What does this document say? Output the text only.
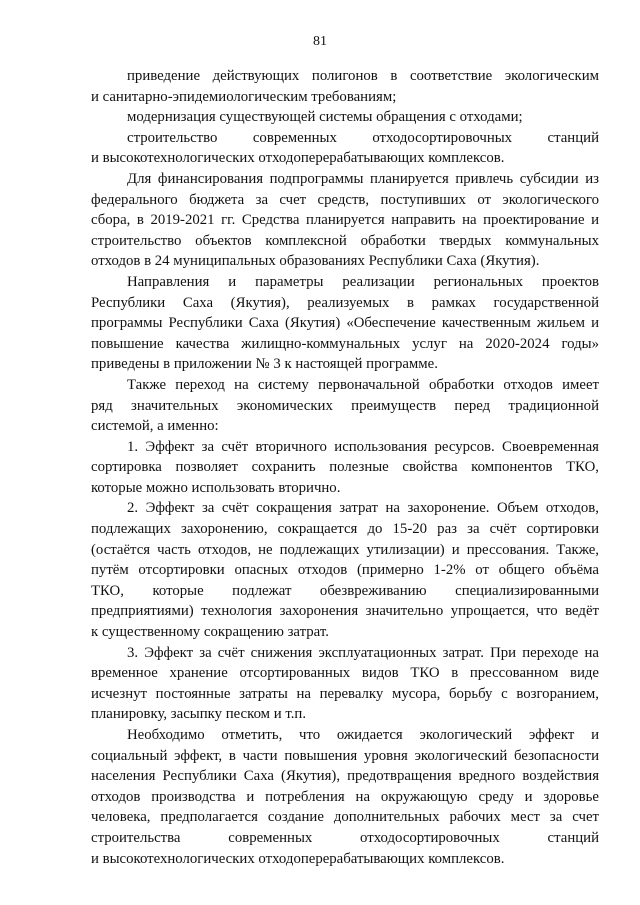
81
приведение действующих полигонов в соответствие экологическим
и санитарно-эпидемиологическим требованиям;
модернизация существующей системы обращения с отходами;
строительство современных отходосортировочных станций
и высокотехнологических отходоперерабатывающих комплексов.
Для финансирования подпрограммы планируется привлечь субсидии из
федерального бюджета за счет средств, поступивших от экологического
сбора, в 2019-2021 гг. Средства планируется направить на проектирование и
строительство объектов комплексной обработки твердых коммунальных
отходов в 24 муниципальных образованиях Республики Саха (Якутия).
Направления и параметры реализации региональных проектов
Республики Саха (Якутия), реализуемых в рамках государственной
программы Республики Саха (Якутия) «Обеспечение качественным жильем и
повышение качества жилищно-коммунальных услуг на 2020-2024 годы»
приведены в приложении № 3 к настоящей программе.
Также переход на систему первоначальной обработки отходов имеет
ряд значительных экономических преимуществ перед традиционной
системой, а именно:
1. Эффект за счёт вторичного использования ресурсов. Своевременная
сортировка позволяет сохранить полезные свойства компонентов ТКО,
которые можно использовать вторично.
2. Эффект за счёт сокращения затрат на захоронение. Объем отходов,
подлежащих захоронению, сокращается до 15-20 раз за счёт сортировки
(остаётся часть отходов, не подлежащих утилизации) и прессования. Также,
путём отсортировки опасных отходов (примерно 1-2% от общего объёма
ТКО, которые подлежат обезвреживанию специализированными
предприятиями) технология захоронения значительно упрощается, что ведёт
к существенному сокращению затрат.
3. Эффект за счёт снижения эксплуатационных затрат. При переходе на
временное хранение отсортированных видов ТКО в прессованном виде
исчезнут постоянные затраты на перевалку мусора, борьбу с возгоранием,
планировку, засыпку песком и т.п.
Необходимо отметить, что ожидается экологический эффект и
социальный эффект, в части повышения уровня экологический безопасности
населения Республики Саха (Якутия), предотвращения вредного воздействия
отходов производства и потребления на окружающую среду и здоровье
человека, предполагается создание дополнительных рабочих мест за счет
строительства современных отходосортировочных станций
и высокотехнологических отходоперерабатывающих комплексов.
